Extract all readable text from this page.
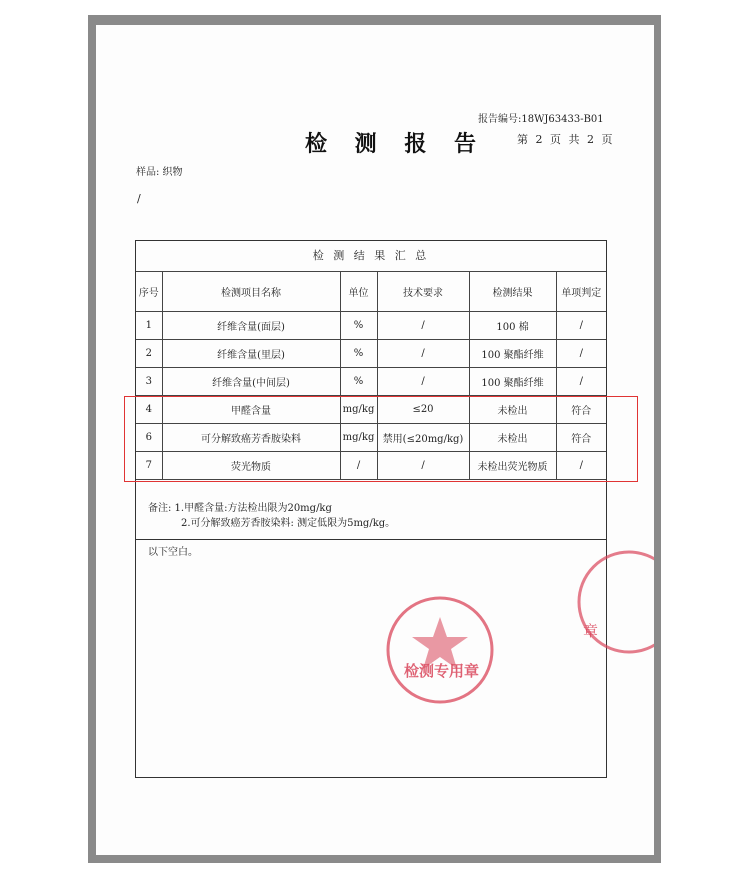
报告编号:18WJ63433-B01
检 测 报 告	第 2 页 共 2 页
样品: 织物
/
检 测 结 果 汇 总
序号	检测项目名称	单位	技术要求	检测结果	单项判定
1	纤维含量(面层)	%	/	100 棉	/
2	纤维含量(里层)	%	/	100 聚酯纤维	/
3	纤维含量(中间层)	%	/	100 聚酯纤维	/
4	甲醛含量	mg/kg	≤20	未检出	符合
6	可分解致癌芳香胺染料	mg/kg	禁用(≤20mg/kg)	未检出	符合
7	荧光物质	/	/	未检出荧光物质	/
备注: 1.甲醛含量:方法检出限为20mg/kg
2.可分解致癌芳香胺染料: 测定低限为5mg/kg。
以下空白。
检测专用章
章
